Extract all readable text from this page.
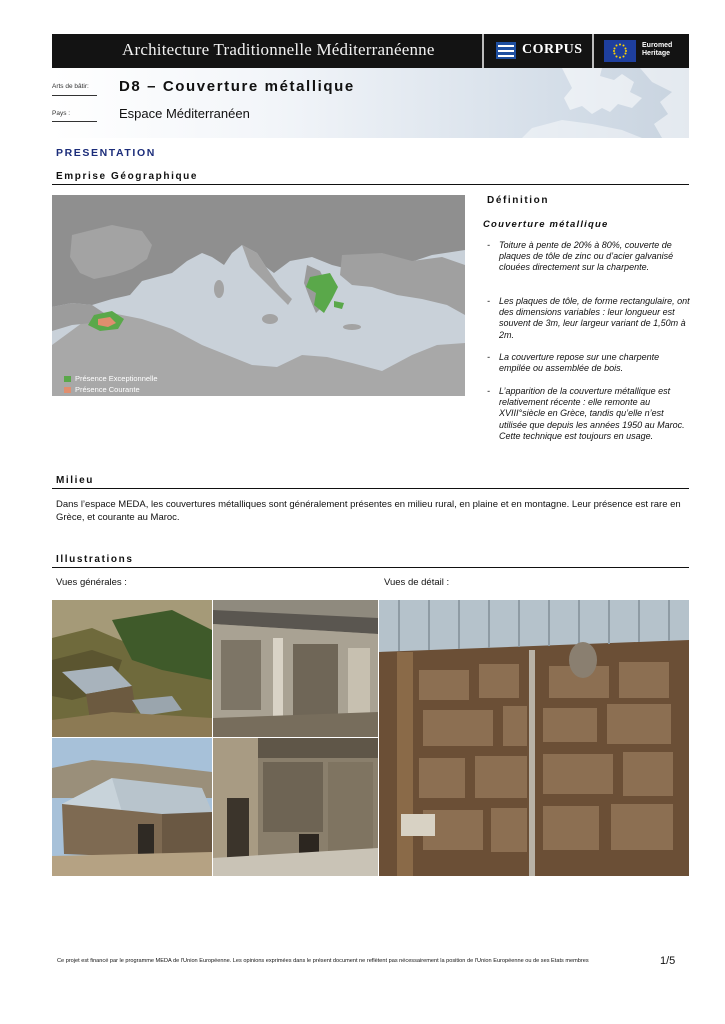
Architecture Traditionnelle Méditerranéenne	CORPUS	Euromed
Heritage
Arts de bâtir:
Pays :
D8 – Couverture métallique
Espace Méditerranéen
PRESENTATION
Emprise Géographique
Présence Exceptionnelle
Présence Courante
Définition
Couverture métallique
- Toiture à pente de 20% à 80%, couverte de plaques de tôle de zinc ou d’acier galvanisé clouées directement sur la charpente.
- Les plaques de tôle, de forme rectangulaire, ont des dimensions variables : leur longueur est souvent de 3m, leur largeur variant de 1,50m à 2m.
- La couverture repose sur une charpente empilée ou assemblée de bois.
- L’apparition de la couverture métallique est relativement récente : elle remonte au XVIII°siècle en Grèce, tandis qu’elle n’est utilisée que depuis les années 1950 au Maroc. Cette technique est toujours en usage.
Milieu
Dans l’espace MEDA, les couvertures métalliques sont généralement présentes en milieu rural, en plaine et en montagne. Leur présence est rare en Grèce, et courante au Maroc.
Illustrations
Vues générales :	Vues de détail :
Ce projet est financé par le programme MEDA de l'Union Européenne. Les opinions exprimées dans le présent document ne reflètent pas nécessairement la position de l'Union Européenne ou de ses Etats membres	1/5
